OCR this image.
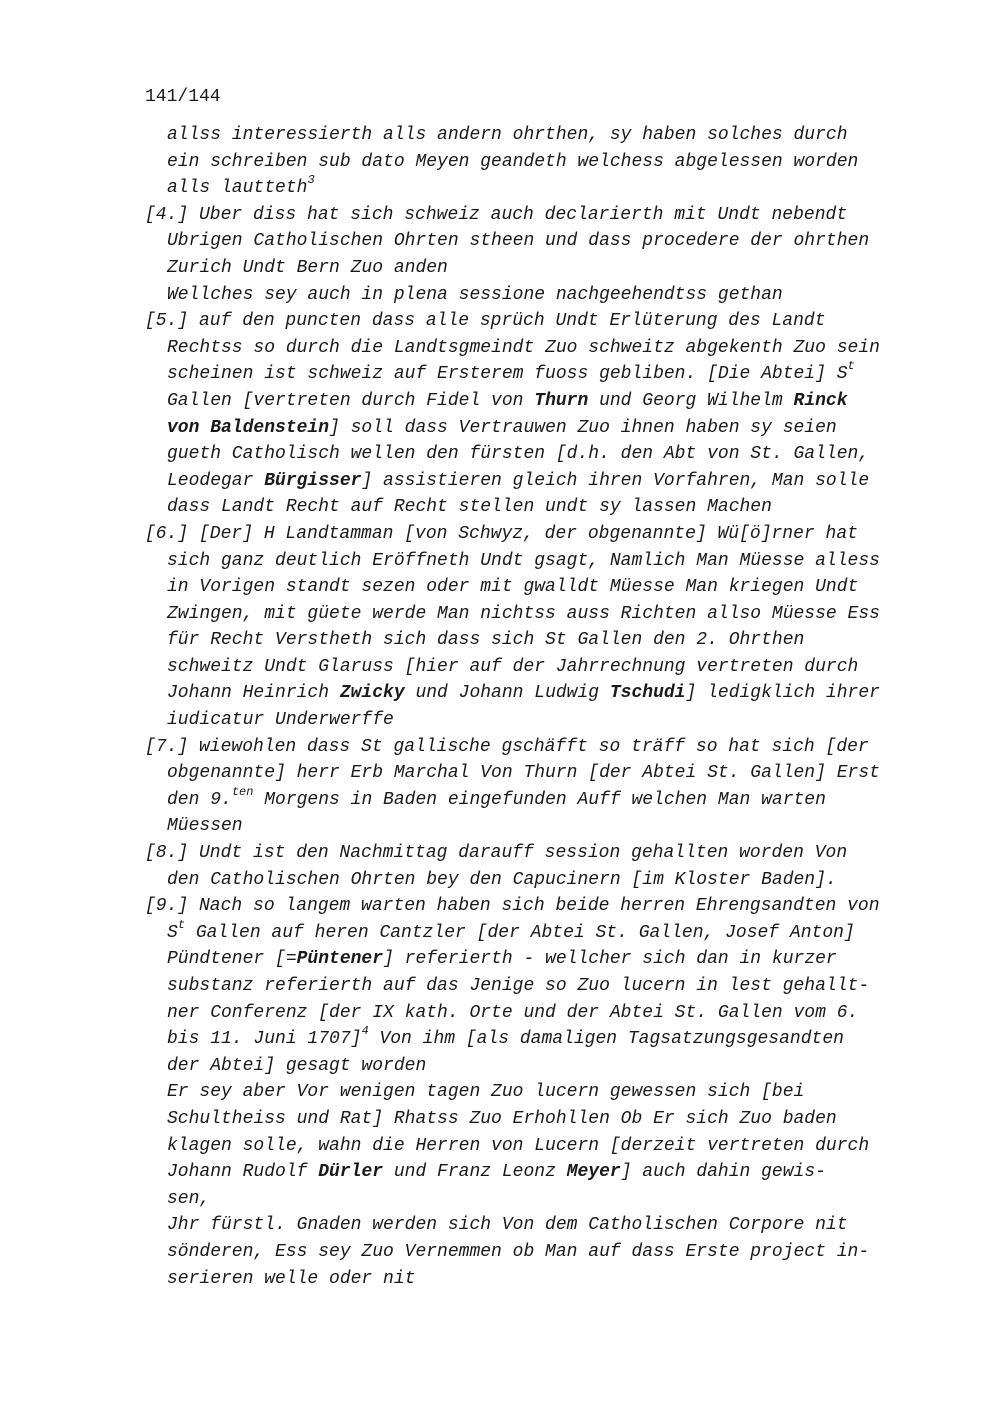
141/144
allss interessierth alls andern ohrthen, sy haben solches durch
ein schreiben sub dato Meyen geandeth welchess abgelessen worden
alls lautteth$^3$
[4.] Uber diss hat sich schweiz auch declarierth mit Undt nebendt
Ubrigen Catholischen Ohrten stheen und dass procedere der ohrthen
Zurich Undt Bern Zuo anden
Wellches sey auch in plena sessione nachgeehendtss gethan
[5.] auf den puncten dass alle sprüch Undt Erlüterung des Landt
Rechtss so durch die Landtsgmeindt Zuo schweitz abgekenth Zuo sein
scheinen ist schweiz auf Ersterem fuoss gebliben. [Die Abtei] $S^t$
Gallen [vertreten durch Fidel von Thurn und Georg Wilhelm Rinck
von Baldenstein] soll dass Vertrauwen Zuo ihnen haben sy seien
gueth Catholisch wellen den fürsten [d.h. den Abt von St. Gallen,
Leodegar Bürgisser] assistieren gleich ihren Vorfahren, Man solle
dass Landt Recht auf Recht stellen undt sy lassen Machen
[6.] [Der] H Landtamman [von Schwyz, der obgenannte] Wü[ö]rner hat
sich ganz deutlich Eröffneth Undt gsagt, Namlich Man Müesse alless
in Vorigen standt sezen oder mit gwalldt Müesse Man kriegen Undt
Zwingen, mit güete werde Man nichtss auss Richten allso Müesse Ess
für Recht Verstheth sich dass sich St Gallen den 2. Ohrthen
schweitz Undt Glaruss [hier auf der Jahrrechnung vertreten durch
Johann Heinrich Zwicky und Johann Ludwig Tschudi] ledigklich ihrer
iudicatur Underwerffe
[7.] wiewohlen dass St gallische gschäfft so träff so hat sich [der
obgenannte] herr Erb Marchal Von Thurn [der Abtei St. Gallen] Erst
den 9.$^{ten}$ Morgens in Baden eingefunden Auff welchen Man warten
Müessen
[8.] Undt ist den Nachmittag darauff session gehallten worden Von
den Catholischen Ohrten bey den Capucinern [im Kloster Baden].
[9.] Nach so langem warten haben sich beide herren Ehrengsandten von
$S^t$ Gallen auf heren Cantzler [der Abtei St. Gallen, Josef Anton]
Pündtener [=Püntener] referierth - wellcher sich dan in kurzer
substanz referierth auf das Jenige so Zuo lucern in lest gehallt-
ner Conferenz [der IX kath. Orte und der Abtei St. Gallen vom 6.
bis 11. Juni 1707]$^4$ Von ihm [als damaligen Tagsatzungsgesandten
der Abtei] gesagt worden
Er sey aber Vor wenigen tagen Zuo lucern gewessen sich [bei
Schultheiss und Rat] Rhatss Zuo Erhohllen Ob Er sich Zuo baden
klagen solle, wahn die Herren von Lucern [derzeit vertreten durch
Johann Rudolf Dürler und Franz Leonz Meyer] auch dahin gewis-
sen,
Jhr fürstl. Gnaden werden sich Von dem Catholischen Corpore nit
sönderen, Ess sey Zuo Vernemmen ob Man auf dass Erste project in-
serieren welle oder nit
